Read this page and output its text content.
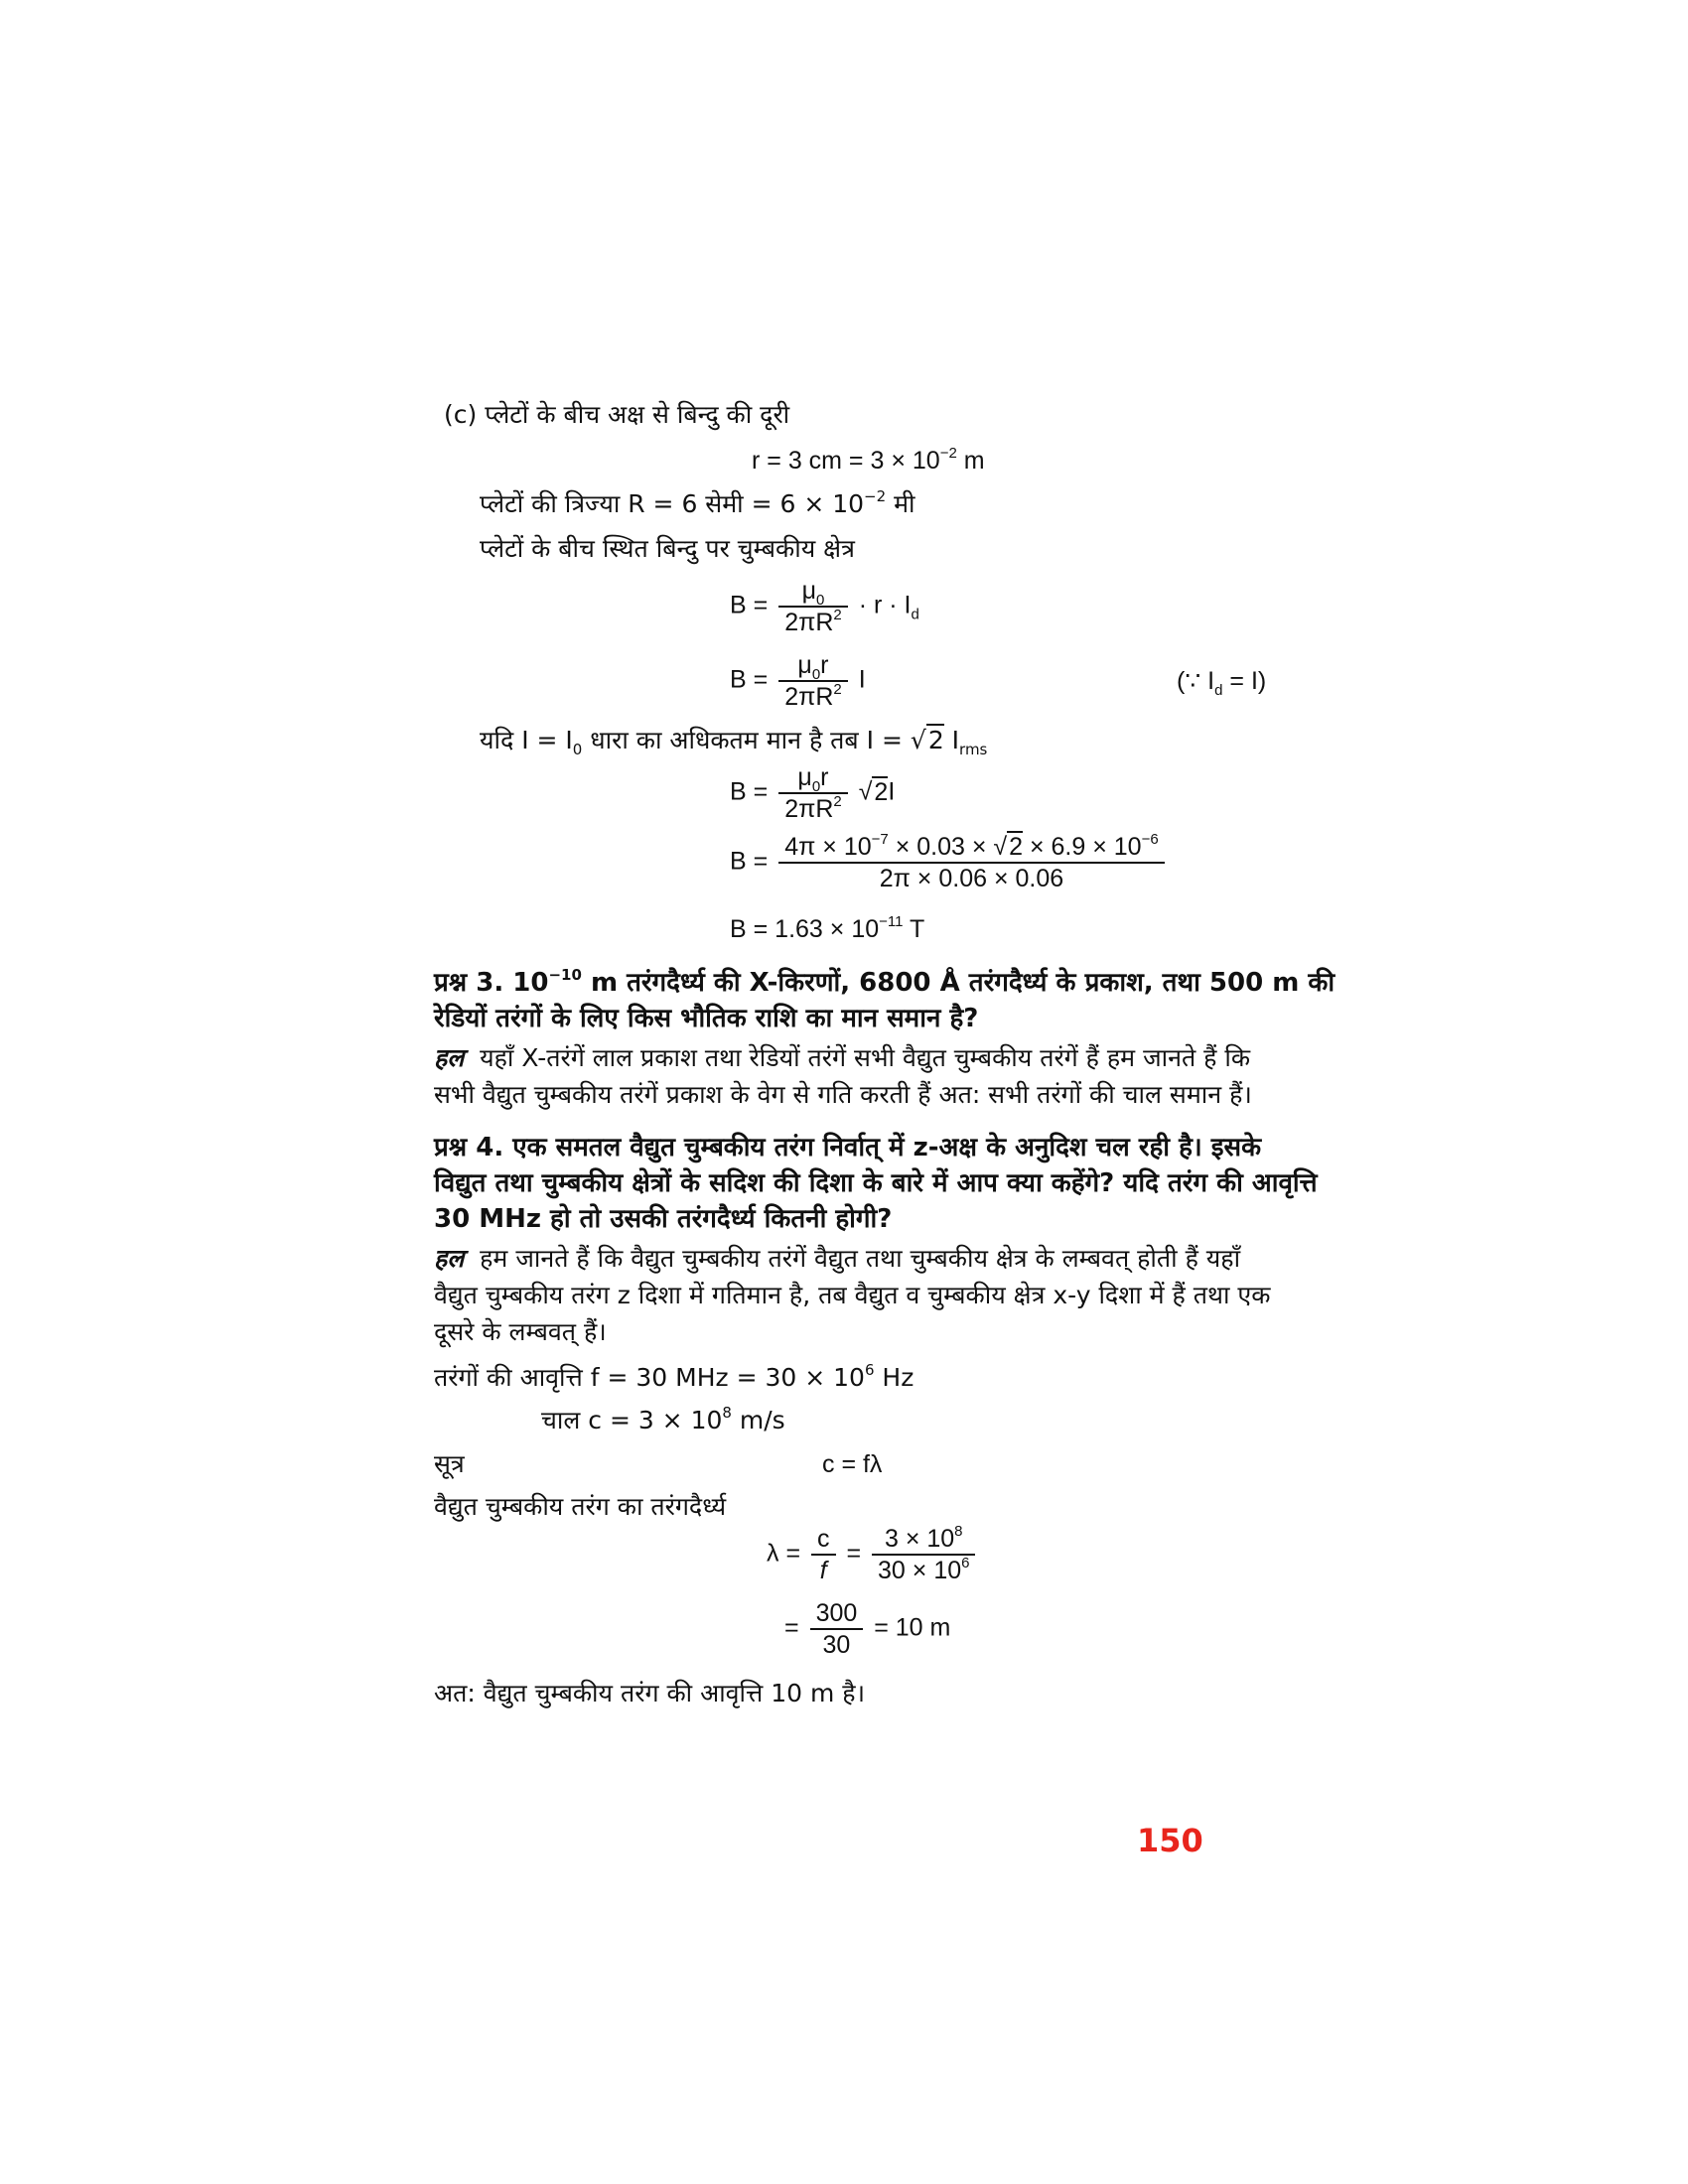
(c) प्लेटों के बीच अक्ष से बिन्दु की दूरी
r = 3 cm = $3 \times 10^{-2}$ m
प्लेटों की त्रिज्या R = 6 सेमी = $6 \times 10^{-2}$ मी
प्लेटों के बीच स्थित बिन्दु पर चुम्बकीय क्षेत्र
$B = \frac{\mu_0}{2\pi R^2} \cdot r \cdot I_d$
$B = \frac{\mu_0r}{2\pi R^2}$ I	(∵ $I_d = I$)
यदि $I = I_0$ धारा का अधिकतम मान है तब I = √2 $I_{rms}$
$B = \frac{\mu_0r}{2\pi R^2} √2I$
$B = \frac{4\pi \times 10^{-7} \times 0.03 \times √2 \times 6.9 \times 10^{-6}}{2\pi \times 0.06 \times 0.06}$
$B = 1.63 \times 10^{-11}$ T
प्रश्न 3. $10^{-10}$ m तरंगदैर्ध्य की X-किरणों, 6800 Å तरंगदैर्ध्य के प्रकाश, तथा 500 m की
रेडियों तरंगों के लिए किस भौतिक राशि का मान समान है?
हल यहाँ X-तरंगें लाल प्रकाश तथा रेडियों तरंगें सभी वैद्युत चुम्बकीय तरंगें हैं हम जानते हैं कि
सभी वैद्युत चुम्बकीय तरंगें प्रकाश के वेग से गति करती हैं अत: सभी तरंगों की चाल समान हैं।
प्रश्न 4. एक समतल वैद्युत चुम्बकीय तरंग निर्वात् में z-अक्ष के अनुदिश चल रही है। इसके
विद्युत तथा चुम्बकीय क्षेत्रों के सदिश की दिशा के बारे में आप क्या कहेंगे? यदि तरंग की आवृत्ति
30 MHz हो तो उसकी तरंगदैर्ध्य कितनी होगी?
हल हम जानते हैं कि वैद्युत चुम्बकीय तरंगें वैद्युत तथा चुम्बकीय क्षेत्र के लम्बवत् होती हैं यहाँ
वैद्युत चुम्बकीय तरंग z दिशा में गतिमान है, तब वैद्युत व चुम्बकीय क्षेत्र x-y दिशा में हैं तथा एक
दूसरे के लम्बवत् हैं।
तरंगों की आवृत्ति f = 30 MHz = $30 \times 10^6$ Hz
चाल $c = 3 \times 10^8$ m/s
सूत्र	c = fλ
वैद्युत चुम्बकीय तरंग का तरंगदैर्ध्य
$\lambda = \frac{c}{f} = \frac{3 \times 10^8}{30 \times 10^6}$
= $\frac{300}{30} = 10$ m
अत: वैद्युत चुम्बकीय तरंग की आवृत्ति 10 m है।
150
